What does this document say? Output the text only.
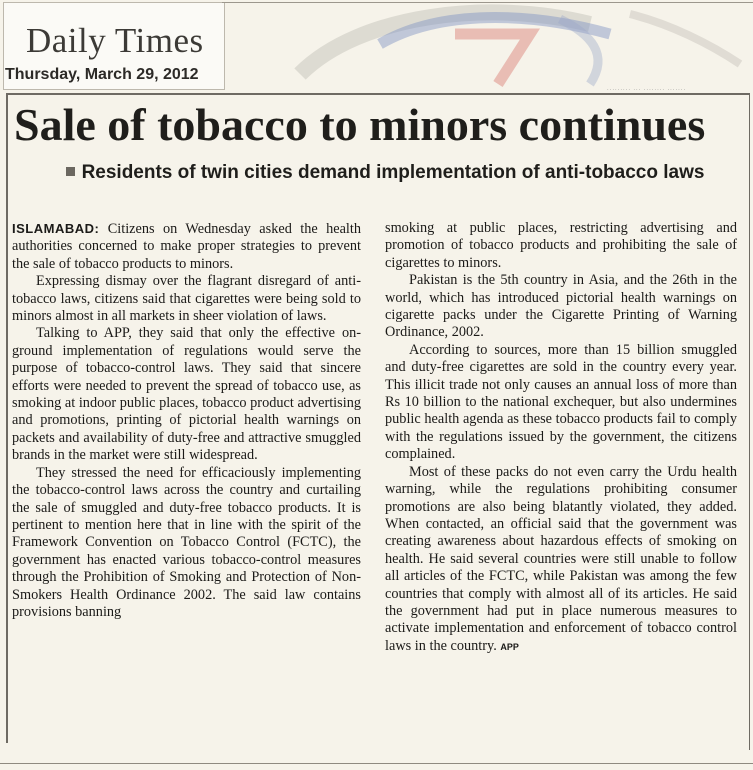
Daily Times
Thursday, March 29, 2012
········· ··· ········ ·······
Sale of tobacco to minors continues
Residents of twin cities demand implementation of anti-tobacco laws

ISLAMABAD: Citizens on Wednesday asked the health authorities concerned to make proper strategies to prevent the sale of tobacco products to minors.

Expressing dismay over the flagrant disregard of anti-tobacco laws, citizens said that cigarettes were being sold to minors almost in all markets in sheer violation of laws.

Talking to APP, they said that only the effective on-ground implementation of regulations would serve the purpose of tobacco-control laws. They said that sincere efforts were needed to prevent the spread of tobacco use, as smoking at indoor public places, tobacco product advertising and promotions, printing of pictorial health warnings on packets and availability of duty-free and attractive smuggled brands in the market were still widespread.

They stressed the need for efficaciously implementing the tobacco-control laws across the country and curtailing the sale of smuggled and duty-free tobacco products. It is pertinent to mention here that in line with the spirit of the Framework Convention on Tobacco Control (FCTC), the government has enacted various tobacco-control measures through the Prohibition of Smoking and Protection of Non-Smokers Health Ordinance 2002. The said law contains provisions banning

smoking at public places, restricting advertising and promotion of tobacco products and prohibiting the sale of cigarettes to minors.

Pakistan is the 5th country in Asia, and the 26th in the world, which has introduced pictorial health warnings on cigarette packs under the Cigarette Printing of Warning Ordinance, 2002.

According to sources, more than 15 billion smuggled and duty-free cigarettes are sold in the country every year. This illicit trade not only causes an annual loss of more than Rs 10 billion to the national exchequer, but also undermines public health agenda as these tobacco products fail to comply with the regulations issued by the government, the citizens complained.

Most of these packs do not even carry the Urdu health warning, while the regulations prohibiting consumer promotions are also being blatantly violated, they added. When contacted, an official said that the government was creating awareness about hazardous effects of smoking on health. He said several countries were still unable to follow all articles of the FCTC, while Pakistan was among the few countries that comply with almost all of its articles. He said the government had put in place numerous measures to activate implementation and enforcement of tobacco control laws in the country. APP
